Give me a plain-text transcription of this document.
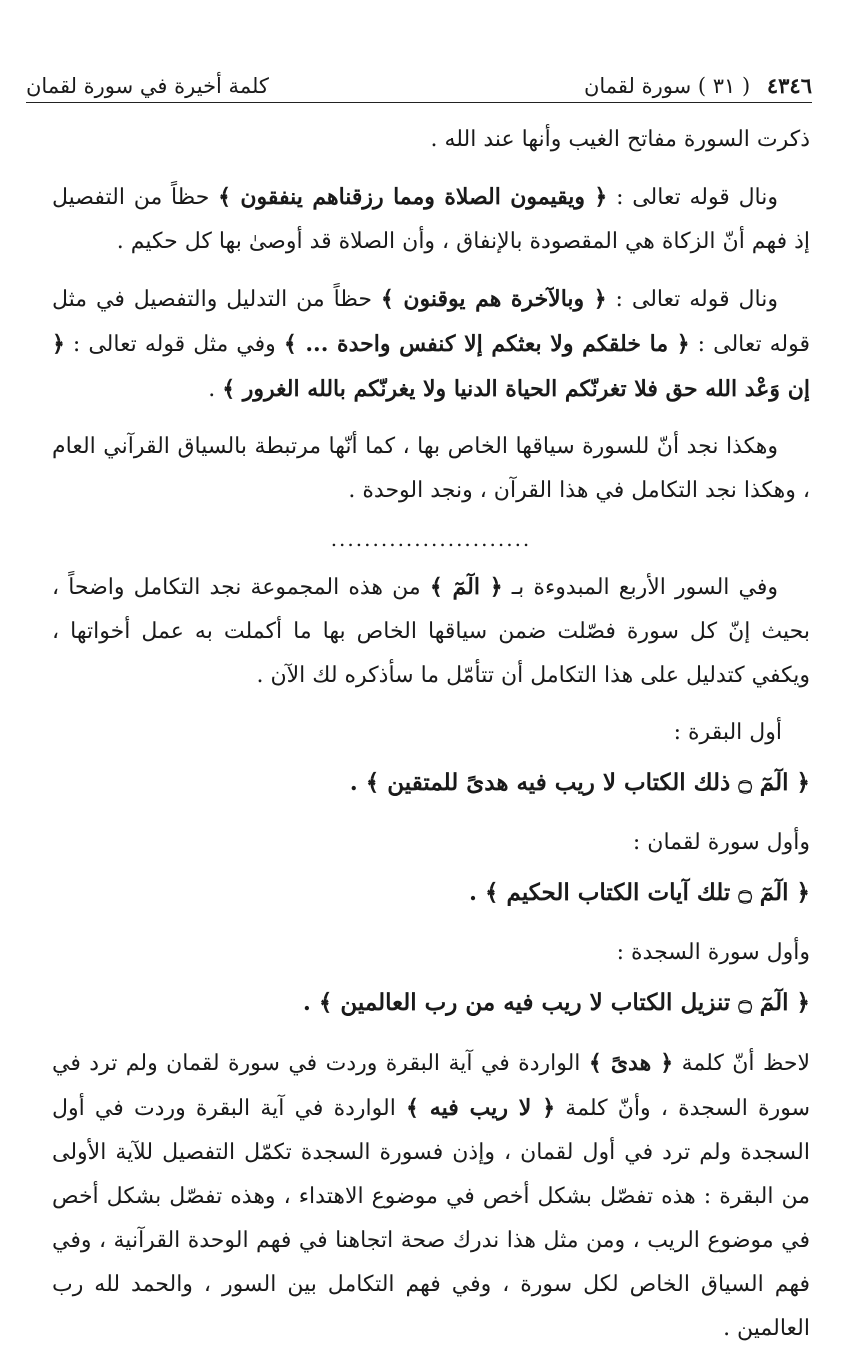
٤٣٤٦ ( ٣١ ) سورة لقمان
كلمة أخيرة في سورة لقمان

ذكرت السورة مفاتح الغيب وأنها عند الله .

ونال قوله تعالى : ﴿ ويقيمون الصلاة ومما رزقناهم ينفقون ﴾ حظاً من التفصيل إذ فهم أنّ الزكاة هي المقصودة بالإنفاق ، وأن الصلاة قد أوصىٰ بها كل حكيم .

ونال قوله تعالى : ﴿ وبالآخرة هم يوقنون ﴾ حظاً من التدليل والتفصيل في مثل قوله تعالى : ﴿ ما خلقكم ولا بعثكم إلا كنفس واحدة ... ﴾ وفي مثل قوله تعالى : ﴿ إن وَعْد الله حق فلا تغرنّكم الحياة الدنيا ولا يغرنّكم بالله الغرور ﴾ .

وهكذا نجد أنّ للسورة سياقها الخاص بها ، كما أنّها مرتبطة بالسياق القرآني العام ، وهكذا نجد التكامل في هذا القرآن ، ونجد الوحدة .

........................

وفي السور الأربع المبدوءة بـ ﴿ الٓمٓ ﴾ من هذه المجموعة نجد التكامل واضحاً ، بحيث إنّ كل سورة فصّلت ضمن سياقها الخاص بها ما أكملت به عمل أخواتها ، ويكفي كتدليل على هذا التكامل أن تتأمّل ما سأذكره لك الآن .

أول البقرة :

﴿ الٓمٓ ۝ ذلك الكتاب لا ريب فيه هدىً للمتقين ﴾ .

وأول سورة لقمان :

﴿ الٓمٓ ۝ تلك آيات الكتاب الحكيم ﴾ .

وأول سورة السجدة :

﴿ الٓمٓ ۝ تنزيل الكتاب لا ريب فيه من رب العالمين ﴾ .

لاحظ أنّ كلمة ﴿ هدىً ﴾ الواردة في آية البقرة وردت في سورة لقمان ولم ترد في سورة السجدة ، وأنّ كلمة ﴿ لا ريب فيه ﴾ الواردة في آية البقرة وردت في أول السجدة ولم ترد في أول لقمان ، وإذن فسورة السجدة تكمّل التفصيل للآية الأولى من البقرة : هذه تفصّل بشكل أخص في موضوع الاهتداء ، وهذه تفصّل بشكل أخص في موضوع الريب ، ومن مثل هذا ندرك صحة اتجاهنا في فهم الوحدة القرآنية ، وفي فهم السياق الخاص لكل سورة ، وفي فهم التكامل بين السور ، والحمد لله رب العالمين .
